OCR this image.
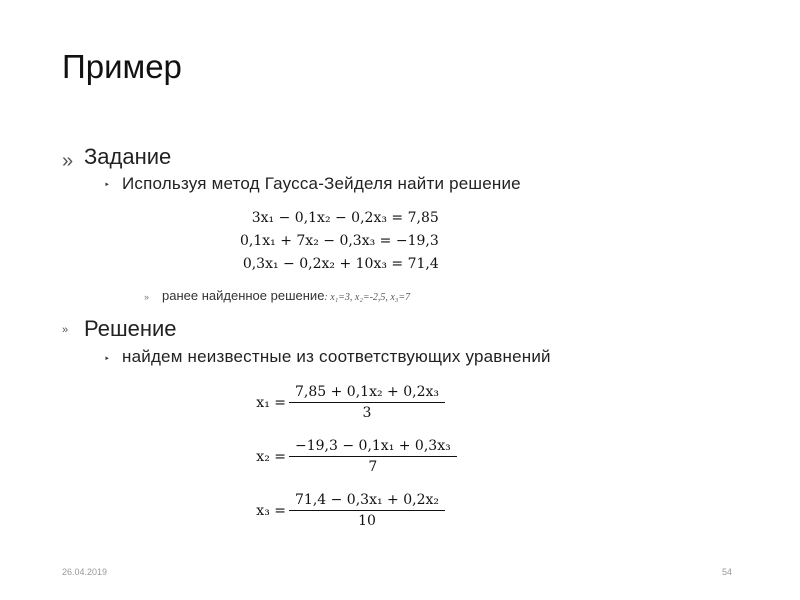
Пример
» Задание
‣ Используя метод Гаусса-Зейделя найти решение
3x₁ − 0,1x₂ − 0,2x₃ = 7,85
0,1x₁ + 7x₂ − 0,3x₃ = −19,3
0,3x₁ − 0,2x₂ + 10x₃ = 71,4
» ранее найденное решение: x₁=3, x₂=-2,5, x₃=7
» Решение
‣ найдем неизвестные из соответствующих уравнений
$x_1 = \frac{\text{7,85 + 0,1x₂ + 0,2x₃}}{3}$
$x_2 = \frac{\text{−19,3 − 0,1x₁ + 0,3x₃}}{7}$
$x_3 = \frac{\text{71,4 − 0,3x₁ + 0,2x₂}}{10}$
26.04.2019	54
